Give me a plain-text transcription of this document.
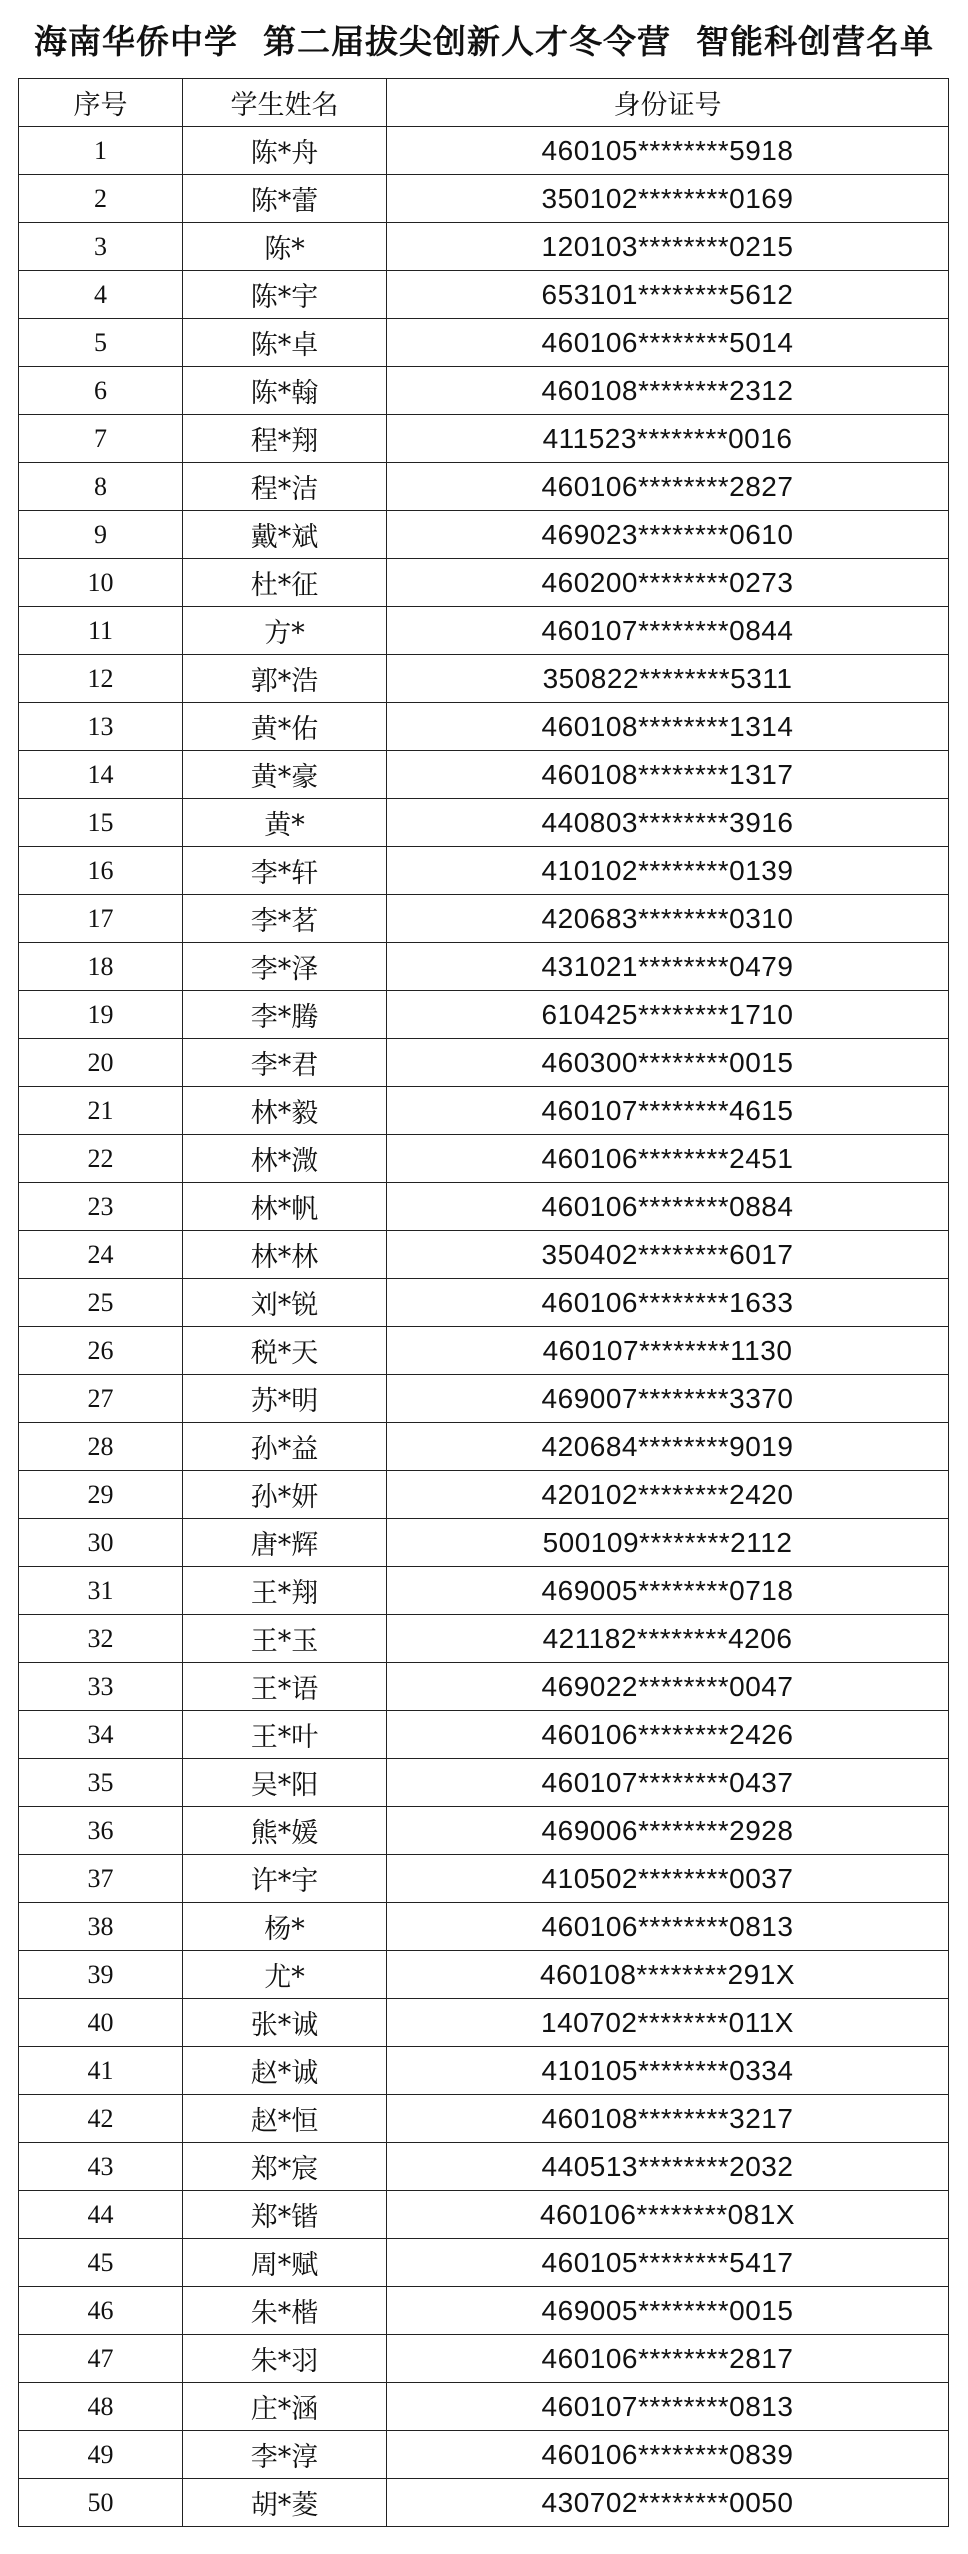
海南华侨中学  第二届拔尖创新人才冬令营  智能科创营名单
序号	学生姓名	身份证号
1	陈*舟	460105********5918
2	陈*蕾	350102********0169
3	陈*	120103********0215
4	陈*宇	653101********5612
5	陈*卓	460106********5014
6	陈*翰	460108********2312
7	程*翔	411523********0016
8	程*洁	460106********2827
9	戴*斌	469023********0610
10	杜*征	460200********0273
11	方*	460107********0844
12	郭*浩	350822********5311
13	黄*佑	460108********1314
14	黄*豪	460108********1317
15	黄*	440803********3916
16	李*轩	410102********0139
17	李*茗	420683********0310
18	李*泽	431021********0479
19	李*腾	610425********1710
20	李*君	460300********0015
21	林*毅	460107********4615
22	林*溦	460106********2451
23	林*帆	460106********0884
24	林*林	350402********6017
25	刘*锐	460106********1633
26	税*天	460107********1130
27	苏*明	469007********3370
28	孙*益	420684********9019
29	孙*妍	420102********2420
30	唐*辉	500109********2112
31	王*翔	469005********0718
32	王*玉	421182********4206
33	王*语	469022********0047
34	王*叶	460106********2426
35	吴*阳	460107********0437
36	熊*媛	469006********2928
37	许*宇	410502********0037
38	杨*	460106********0813
39	尤*	460108********291X
40	张*诚	140702********011X
41	赵*诚	410105********0334
42	赵*恒	460108********3217
43	郑*宸	440513********2032
44	郑*锴	460106********081X
45	周*赋	460105********5417
46	朱*楷	469005********0015
47	朱*羽	460106********2817
48	庄*涵	460107********0813
49	李*淳	460106********0839
50	胡*菱	430702********0050
